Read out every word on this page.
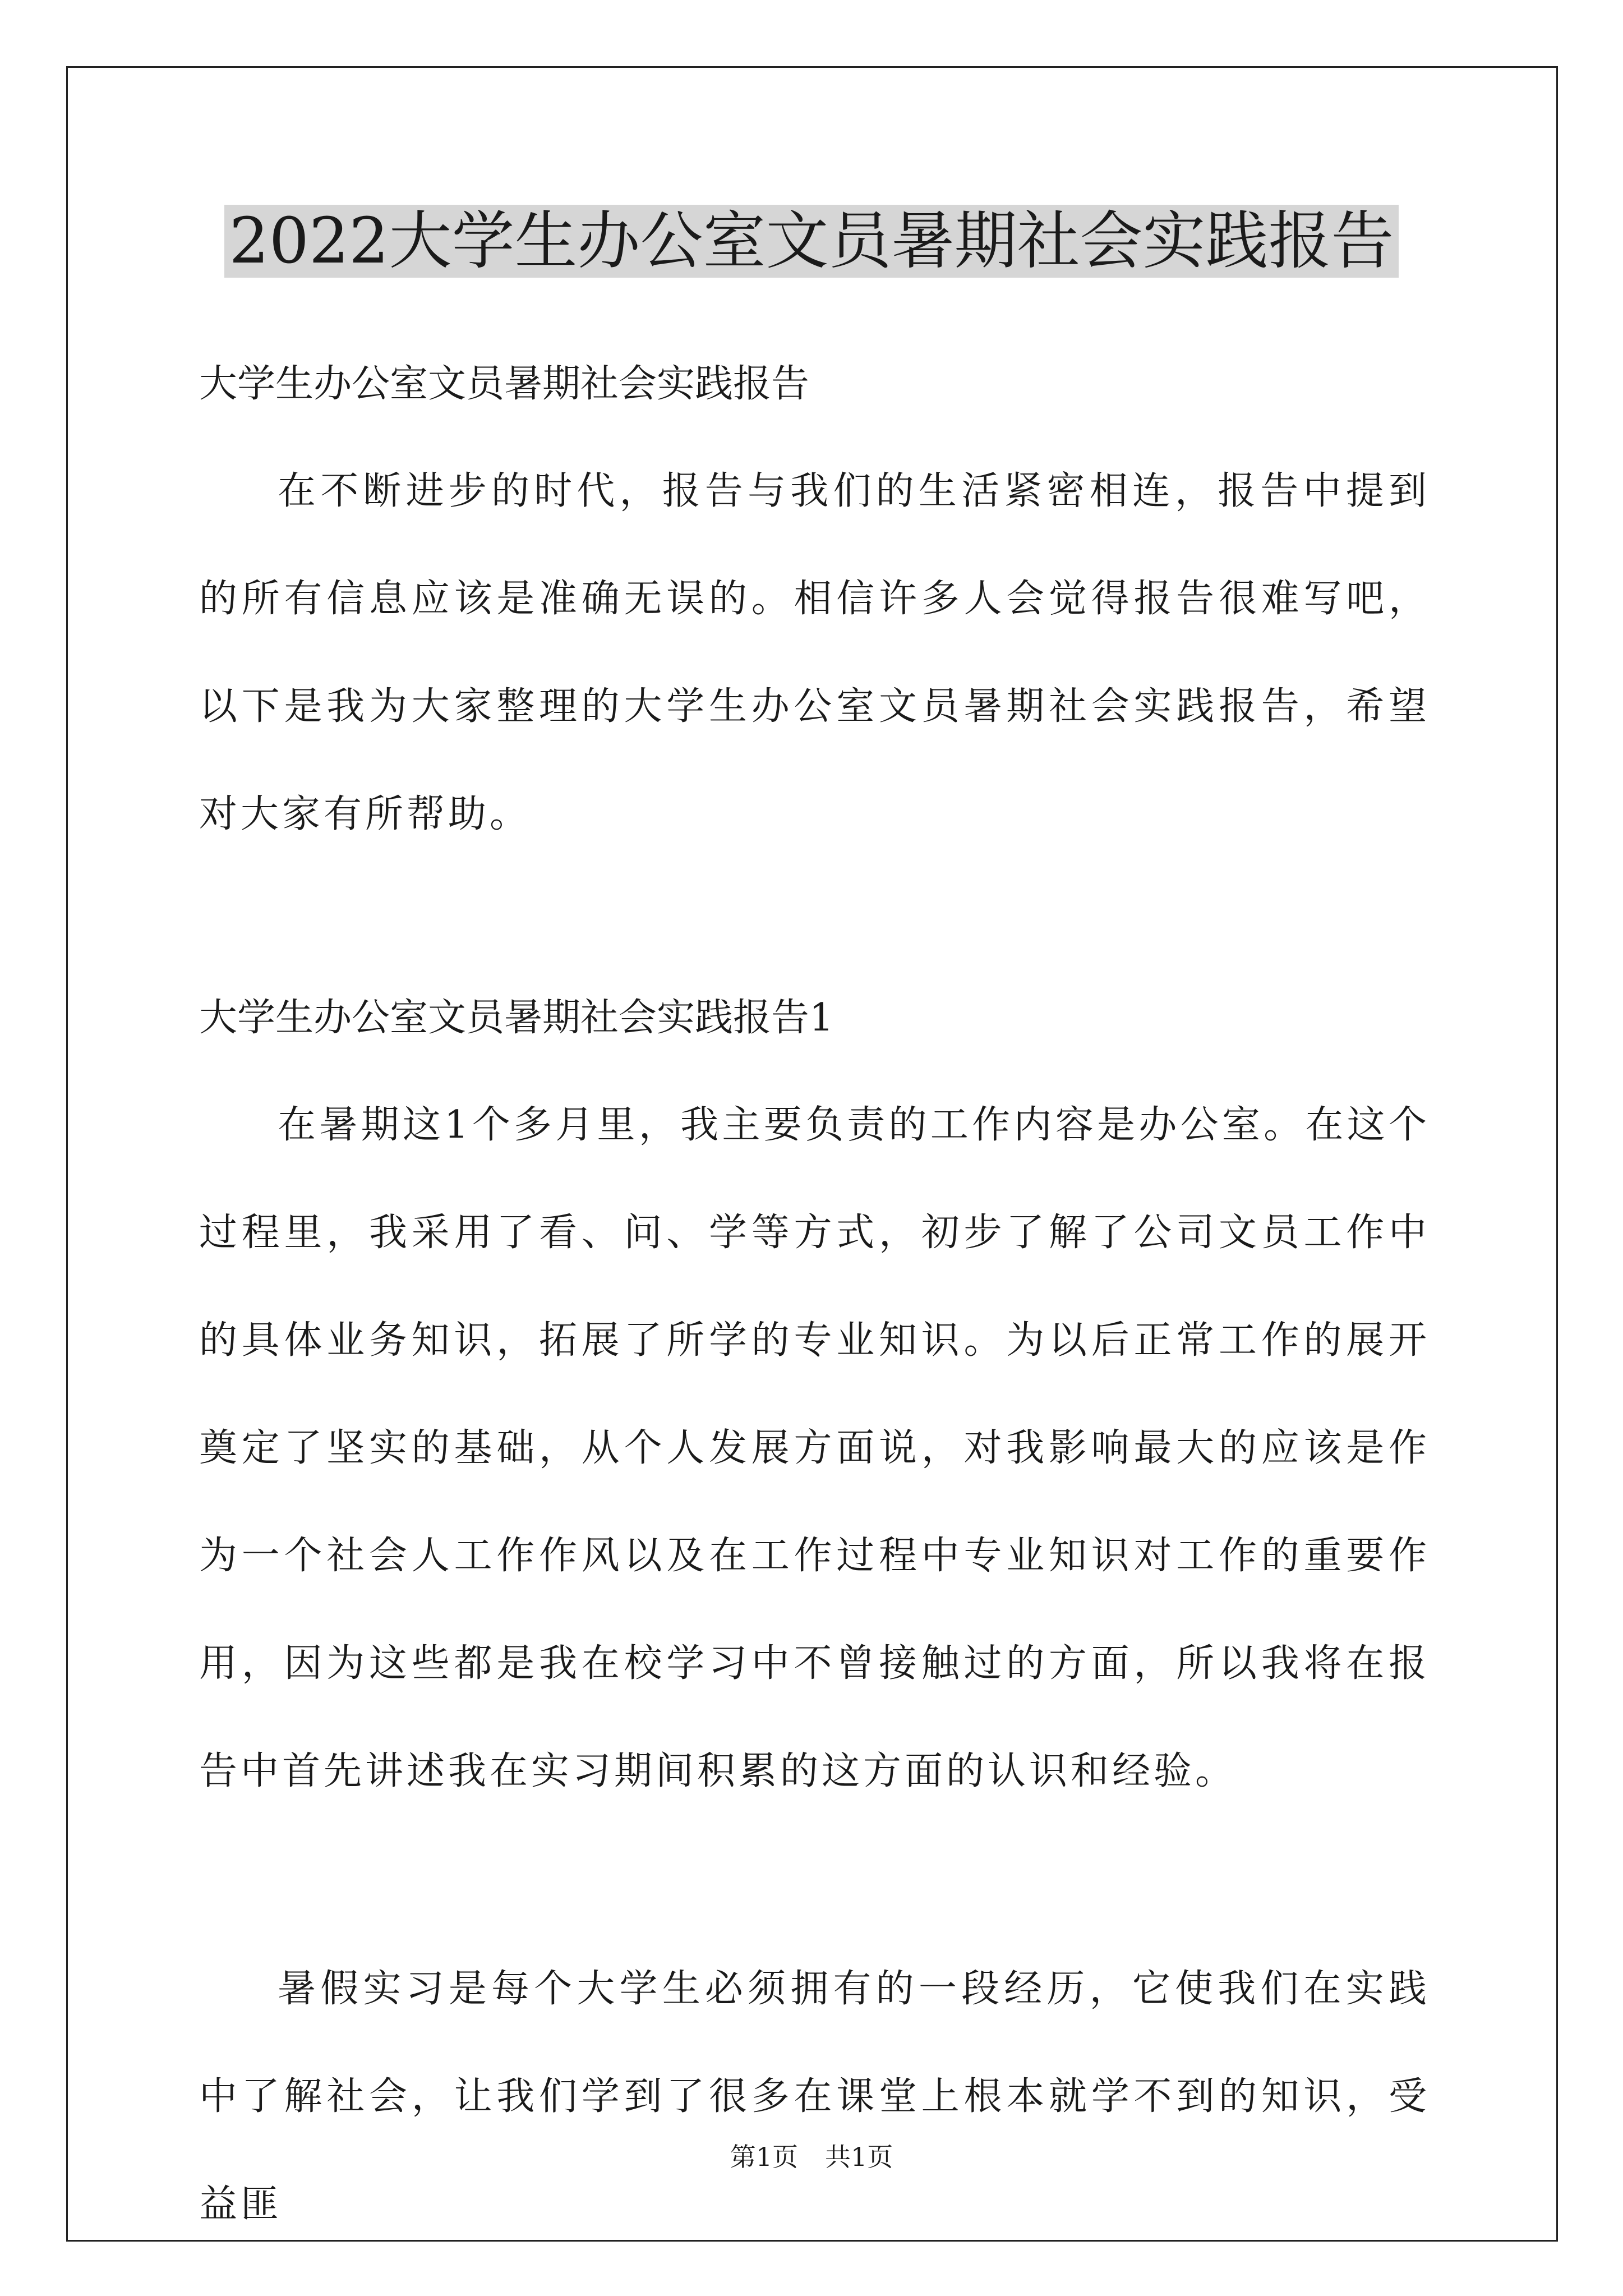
2022大学生办公室文员暑期社会实践报告

大学生办公室文员暑期社会实践报告

在不断进步的时代，报告与我们的生活紧密相连，报告中提到的所有信息应该是准确无误的。相信许多人会觉得报告很难写吧，以下是我为大家整理的大学生办公室文员暑期社会实践报告，希望对大家有所帮助。

大学生办公室文员暑期社会实践报告1

在暑期这1个多月里，我主要负责的工作内容是办公室。在这个过程里，我采用了看、问、学等方式，初步了解了公司文员工作中的具体业务知识，拓展了所学的专业知识。为以后正常工作的展开奠定了坚实的基础，从个人发展方面说，对我影响最大的应该是作为一个社会人工作作风以及在工作过程中专业知识对工作的重要作用，因为这些都是我在校学习中不曾接触过的方面，所以我将在报告中首先讲述我在实习期间积累的这方面的认识和经验。

暑假实习是每个大学生必须拥有的一段经历，它使我们在实践中了解社会，让我们学到了很多在课堂上根本就学不到的知识，受益匪

第1页 共1页
